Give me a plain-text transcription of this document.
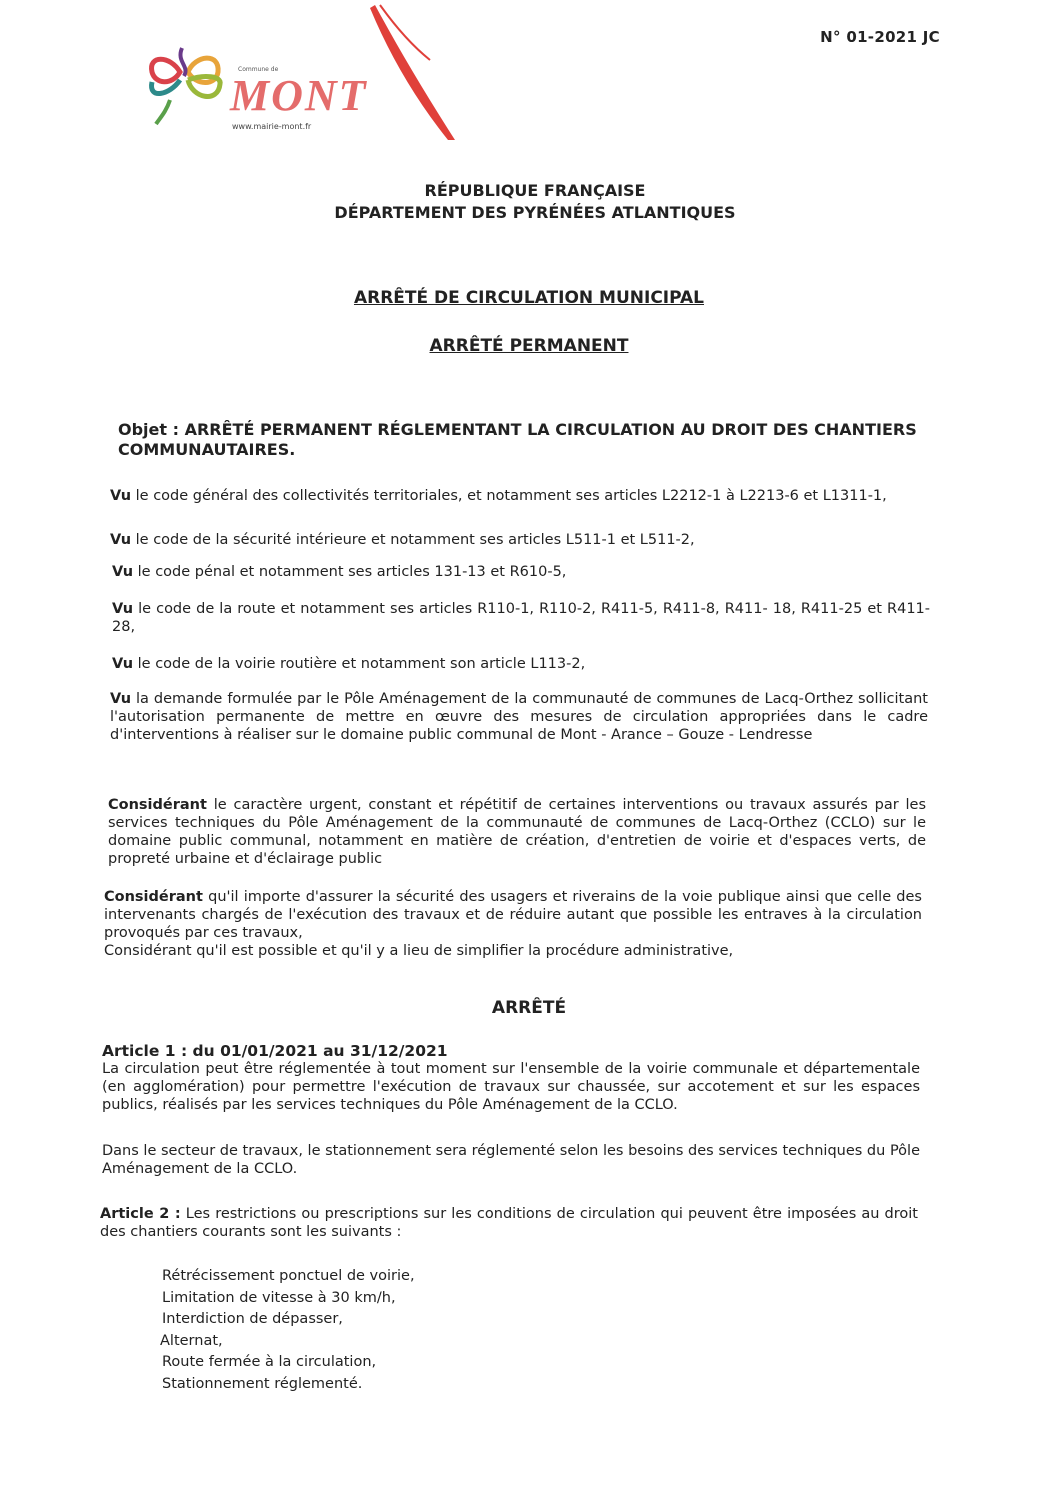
N° 01-2021 JC
Commune de
MONT
www.mairie-mont.fr
RÉPUBLIQUE FRANÇAISE
DÉPARTEMENT DES PYRÉNÉES ATLANTIQUES
ARRÊTÉ DE CIRCULATION MUNICIPAL
ARRÊTÉ PERMANENT
Objet : ARRÊTÉ PERMANENT RÉGLEMENTANT LA CIRCULATION AU DROIT DES CHANTIERS COMMUNAUTAIRES.
Vu le code général des collectivités territoriales, et notamment ses articles L2212-1 à L2213-6 et L1311-1,
Vu le code de la sécurité intérieure et notamment ses articles L511-1 et L511-2,
Vu le code pénal et notamment ses articles 131-13 et R610-5,
Vu le code de la route et notamment ses articles R110-1, R110-2, R411-5, R411-8, R411- 18, R411-25 et R411-28,
Vu le code de la voirie routière et notamment son article L113-2,
Vu la demande formulée par le Pôle Aménagement de la communauté de communes de Lacq-Orthez sollicitant l'autorisation permanente de mettre en œuvre des mesures de circulation appropriées dans le cadre d'interventions à réaliser sur le domaine public communal de Mont - Arance – Gouze - Lendresse
Considérant le caractère urgent, constant et répétitif de certaines interventions ou travaux assurés par les services techniques du Pôle Aménagement de la communauté de communes de Lacq-Orthez (CCLO) sur le domaine public communal, notamment en matière de création, d'entretien de voirie et d'espaces verts, de propreté urbaine et d'éclairage public
Considérant qu'il importe d'assurer la sécurité des usagers et riverains de la voie publique ainsi que celle des intervenants chargés de l'exécution des travaux et de réduire autant que possible les entraves à la circulation provoqués par ces travaux,
Considérant qu'il est possible et qu'il y a lieu de simplifier la procédure administrative,
ARRÊTÉ
Article 1 : du 01/01/2021 au 31/12/2021
La circulation peut être réglementée à tout moment sur l'ensemble de la voirie communale et départementale (en agglomération) pour permettre l'exécution de travaux sur chaussée, sur accotement et sur les espaces publics, réalisés par les services techniques du Pôle Aménagement de la CCLO.
Dans le secteur de travaux, le stationnement sera réglementé selon les besoins des services techniques du Pôle Aménagement de la CCLO.
Article 2 : Les restrictions ou prescriptions sur les conditions de circulation qui peuvent être imposées au droit des chantiers courants sont les suivants :
Rétrécissement ponctuel de voirie,
Limitation de vitesse à 30 km/h,
Interdiction de dépasser,
Alternat,
Route fermée à la circulation,
Stationnement réglementé.
